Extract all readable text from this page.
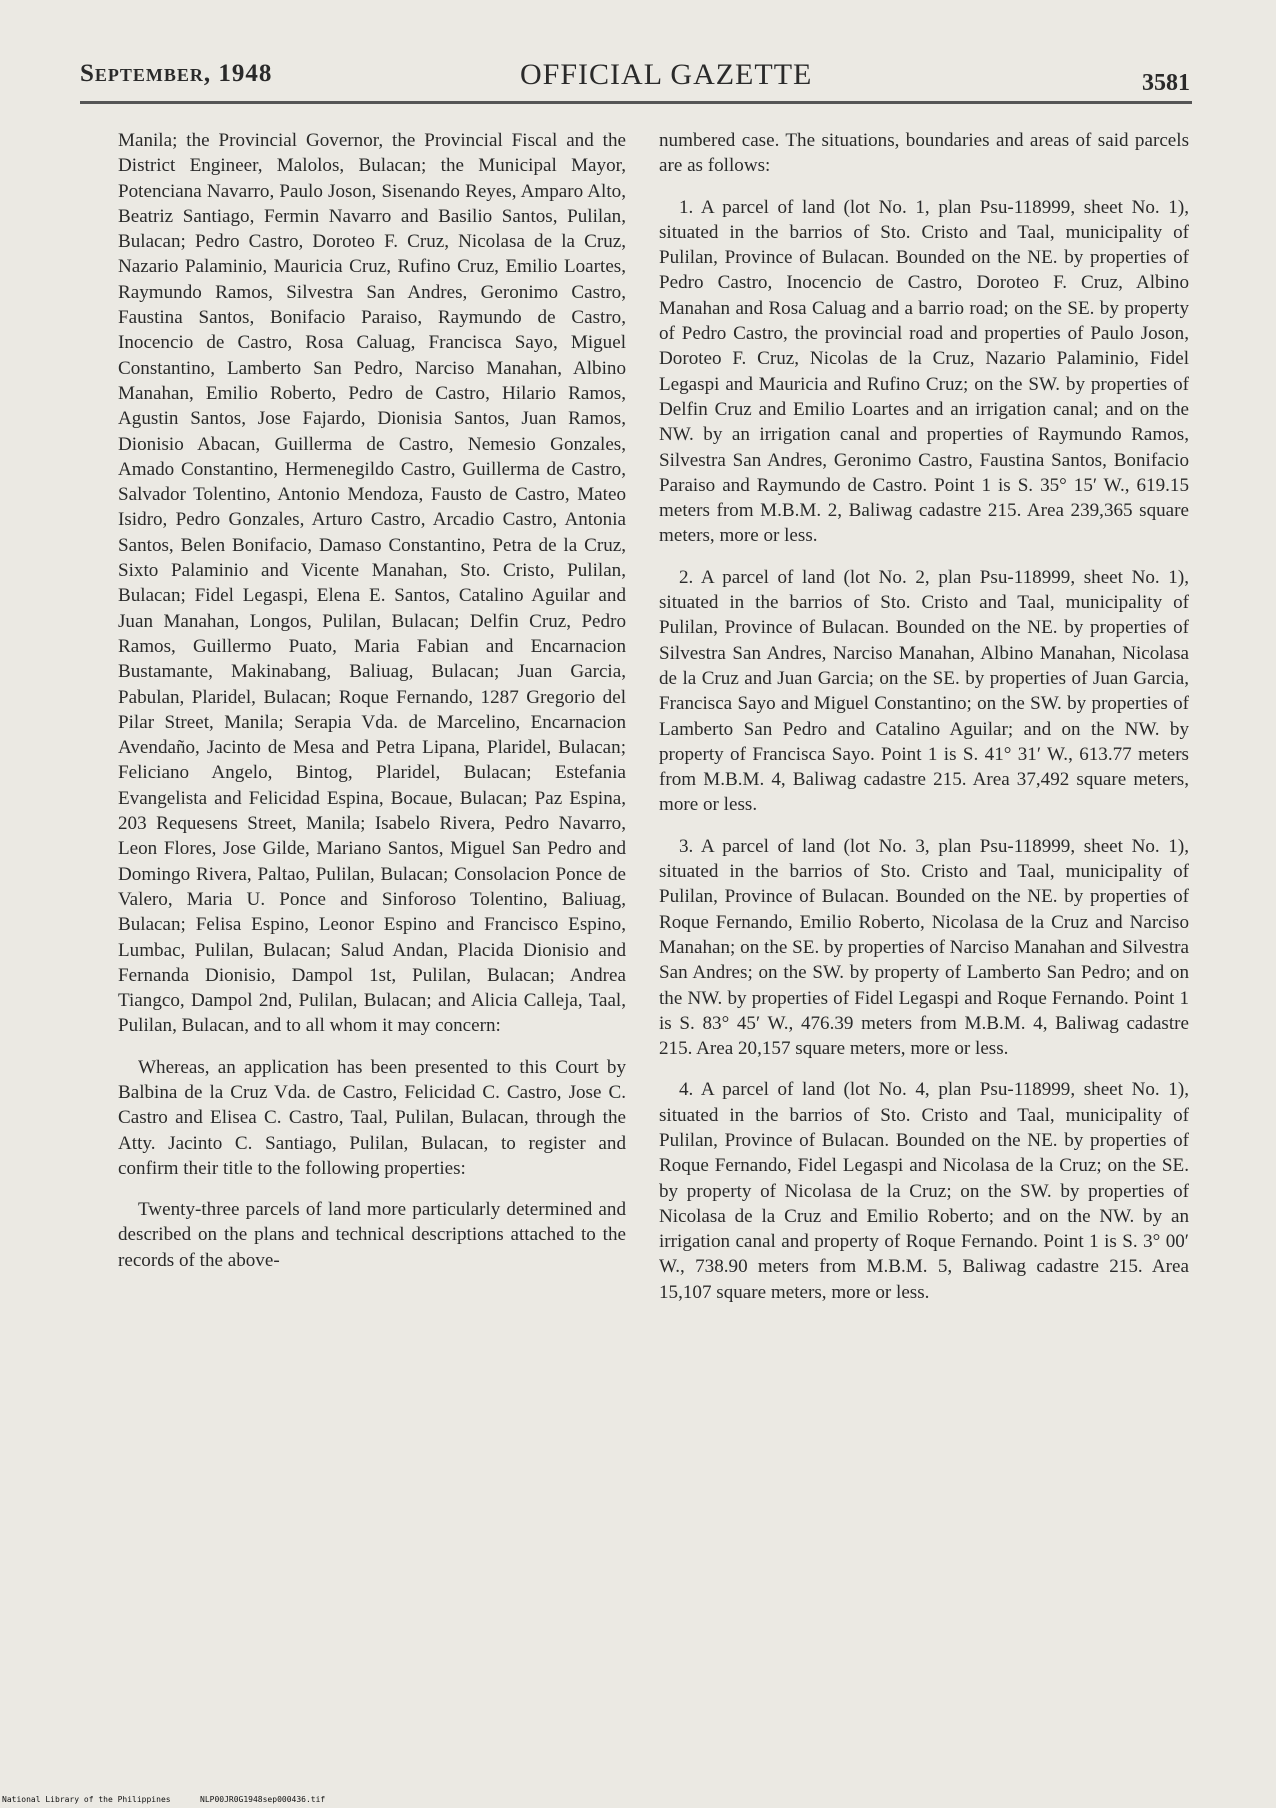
September, 1948	OFFICIAL GAZETTE	3581

Manila; the Provincial Governor, the Provincial Fiscal and the District Engineer, Malolos, Bulacan; the Municipal Mayor, Potenciana Navarro, Paulo Joson, Sisenando Reyes, Amparo Alto, Beatriz Santiago, Fermin Navarro and Basilio Santos, Pulilan, Bulacan; Pedro Castro, Doroteo F. Cruz, Nicolasa de la Cruz, Nazario Palaminio, Mauricia Cruz, Rufino Cruz, Emilio Loartes, Raymundo Ramos, Silvestra San Andres, Geronimo Castro, Faustina Santos, Bonifacio Paraiso, Raymundo de Castro, Inocencio de Castro, Rosa Caluag, Francisca Sayo, Miguel Constantino, Lamberto San Pedro, Narciso Manahan, Albino Manahan, Emilio Roberto, Pedro de Castro, Hilario Ramos, Agustin Santos, Jose Fajardo, Dionisia Santos, Juan Ramos, Dionisio Abacan, Guillerma de Castro, Nemesio Gonzales, Amado Constantino, Hermenegildo Castro, Guillerma de Castro, Salvador Tolentino, Antonio Mendoza, Fausto de Castro, Mateo Isidro, Pedro Gonzales, Arturo Castro, Arcadio Castro, Antonia Santos, Belen Bonifacio, Damaso Constantino, Petra de la Cruz, Sixto Palaminio and Vicente Manahan, Sto. Cristo, Pulilan, Bulacan; Fidel Legaspi, Elena E. Santos, Catalino Aguilar and Juan Manahan, Longos, Pulilan, Bulacan; Delfin Cruz, Pedro Ramos, Guillermo Puato, Maria Fabian and Encarnacion Bustamante, Makinabang, Baliuag, Bulacan; Juan Garcia, Pabulan, Plaridel, Bulacan; Roque Fernando, 1287 Gregorio del Pilar Street, Manila; Serapia Vda. de Marcelino, Encarnacion Avendaño, Jacinto de Mesa and Petra Lipana, Plaridel, Bulacan; Feliciano Angelo, Bintog, Plaridel, Bulacan; Estefania Evangelista and Felicidad Espina, Bocaue, Bulacan; Paz Espina, 203 Requesens Street, Manila; Isabelo Rivera, Pedro Navarro, Leon Flores, Jose Gilde, Mariano Santos, Miguel San Pedro and Domingo Rivera, Paltao, Pulilan, Bulacan; Consolacion Ponce de Valero, Maria U. Ponce and Sinforoso Tolentino, Baliuag, Bulacan; Felisa Espino, Leonor Espino and Francisco Espino, Lumbac, Pulilan, Bulacan; Salud Andan, Placida Dionisio and Fernanda Dionisio, Dampol 1st, Pulilan, Bulacan; Andrea Tiangco, Dampol 2nd, Pulilan, Bulacan; and Alicia Calleja, Taal, Pulilan, Bulacan, and to all whom it may concern:

Whereas, an application has been presented to this Court by Balbina de la Cruz Vda. de Castro, Felicidad C. Castro, Jose C. Castro and Elisea C. Castro, Taal, Pulilan, Bulacan, through the Atty. Jacinto C. Santiago, Pulilan, Bulacan, to register and confirm their title to the following properties:

Twenty-three parcels of land more particularly determined and described on the plans and technical descriptions attached to the records of the above-

numbered case. The situations, boundaries and areas of said parcels are as follows:

1. A parcel of land (lot No. 1, plan Psu-118999, sheet No. 1), situated in the barrios of Sto. Cristo and Taal, municipality of Pulilan, Province of Bulacan. Bounded on the NE. by properties of Pedro Castro, Inocencio de Castro, Doroteo F. Cruz, Albino Manahan and Rosa Caluag and a barrio road; on the SE. by property of Pedro Castro, the provincial road and properties of Paulo Joson, Doroteo F. Cruz, Nicolas de la Cruz, Nazario Palaminio, Fidel Legaspi and Mauricia and Rufino Cruz; on the SW. by properties of Delfin Cruz and Emilio Loartes and an irrigation canal; and on the NW. by an irrigation canal and properties of Raymundo Ramos, Silvestra San Andres, Geronimo Castro, Faustina Santos, Bonifacio Paraiso and Raymundo de Castro. Point 1 is S. 35° 15′ W., 619.15 meters from M.B.M. 2, Baliwag cadastre 215. Area 239,365 square meters, more or less.

2. A parcel of land (lot No. 2, plan Psu-118999, sheet No. 1), situated in the barrios of Sto. Cristo and Taal, municipality of Pulilan, Province of Bulacan. Bounded on the NE. by properties of Silvestra San Andres, Narciso Manahan, Albino Manahan, Nicolasa de la Cruz and Juan Garcia; on the SE. by properties of Juan Garcia, Francisca Sayo and Miguel Constantino; on the SW. by properties of Lamberto San Pedro and Catalino Aguilar; and on the NW. by property of Francisca Sayo. Point 1 is S. 41° 31′ W., 613.77 meters from M.B.M. 4, Baliwag cadastre 215. Area 37,492 square meters, more or less.

3. A parcel of land (lot No. 3, plan Psu-118999, sheet No. 1), situated in the barrios of Sto. Cristo and Taal, municipality of Pulilan, Province of Bulacan. Bounded on the NE. by properties of Roque Fernando, Emilio Roberto, Nicolasa de la Cruz and Narciso Manahan; on the SE. by properties of Narciso Manahan and Silvestra San Andres; on the SW. by property of Lamberto San Pedro; and on the NW. by properties of Fidel Legaspi and Roque Fernando. Point 1 is S. 83° 45′ W., 476.39 meters from M.B.M. 4, Baliwag cadastre 215. Area 20,157 square meters, more or less.

4. A parcel of land (lot No. 4, plan Psu-118999, sheet No. 1), situated in the barrios of Sto. Cristo and Taal, municipality of Pulilan, Province of Bulacan. Bounded on the NE. by properties of Roque Fernando, Fidel Legaspi and Nicolasa de la Cruz; on the SE. by property of Nicolasa de la Cruz; on the SW. by properties of Nicolasa de la Cruz and Emilio Roberto; and on the NW. by an irrigation canal and property of Roque Fernando. Point 1 is S. 3° 00′ W., 738.90 meters from M.B.M. 5, Baliwag cadastre 215. Area 15,107 square meters, more or less.

National Library of the Philippines	NLP00JR0G1948sep000436.tif
